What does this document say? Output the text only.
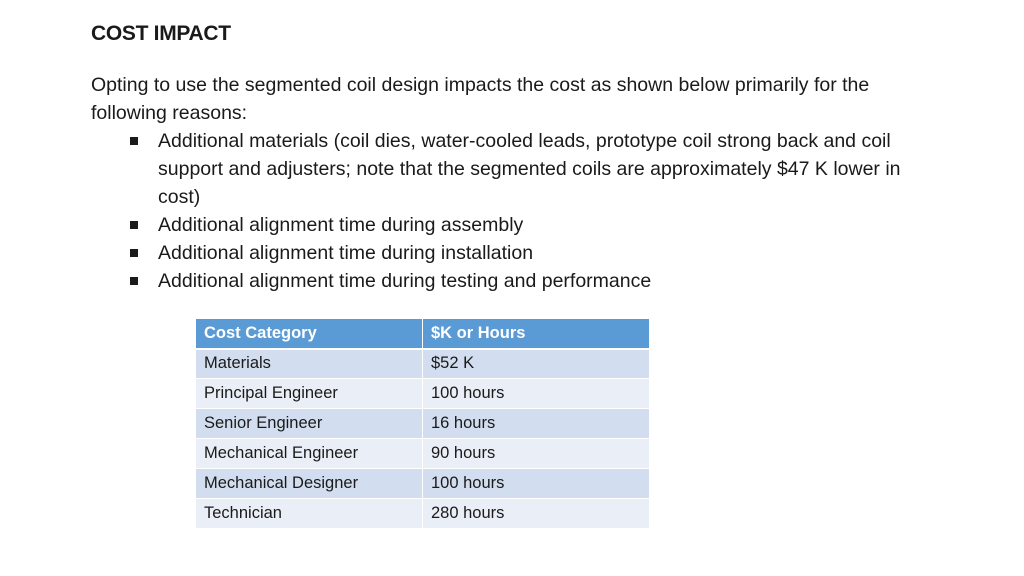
COST IMPACT
Opting to use the segmented coil design impacts the cost as shown below primarily for the following reasons:
Additional materials (coil dies, water-cooled leads, prototype coil strong back and coil support and adjusters; note that the segmented coils are approximately $47 K lower in cost)
Additional alignment time during assembly
Additional alignment time during installation
Additional alignment time during testing and performance
Cost Category	$K or Hours
Materials	$52 K
Principal Engineer	100 hours
Senior Engineer	16 hours
Mechanical Engineer	90 hours
Mechanical Designer	100 hours
Technician	280 hours
